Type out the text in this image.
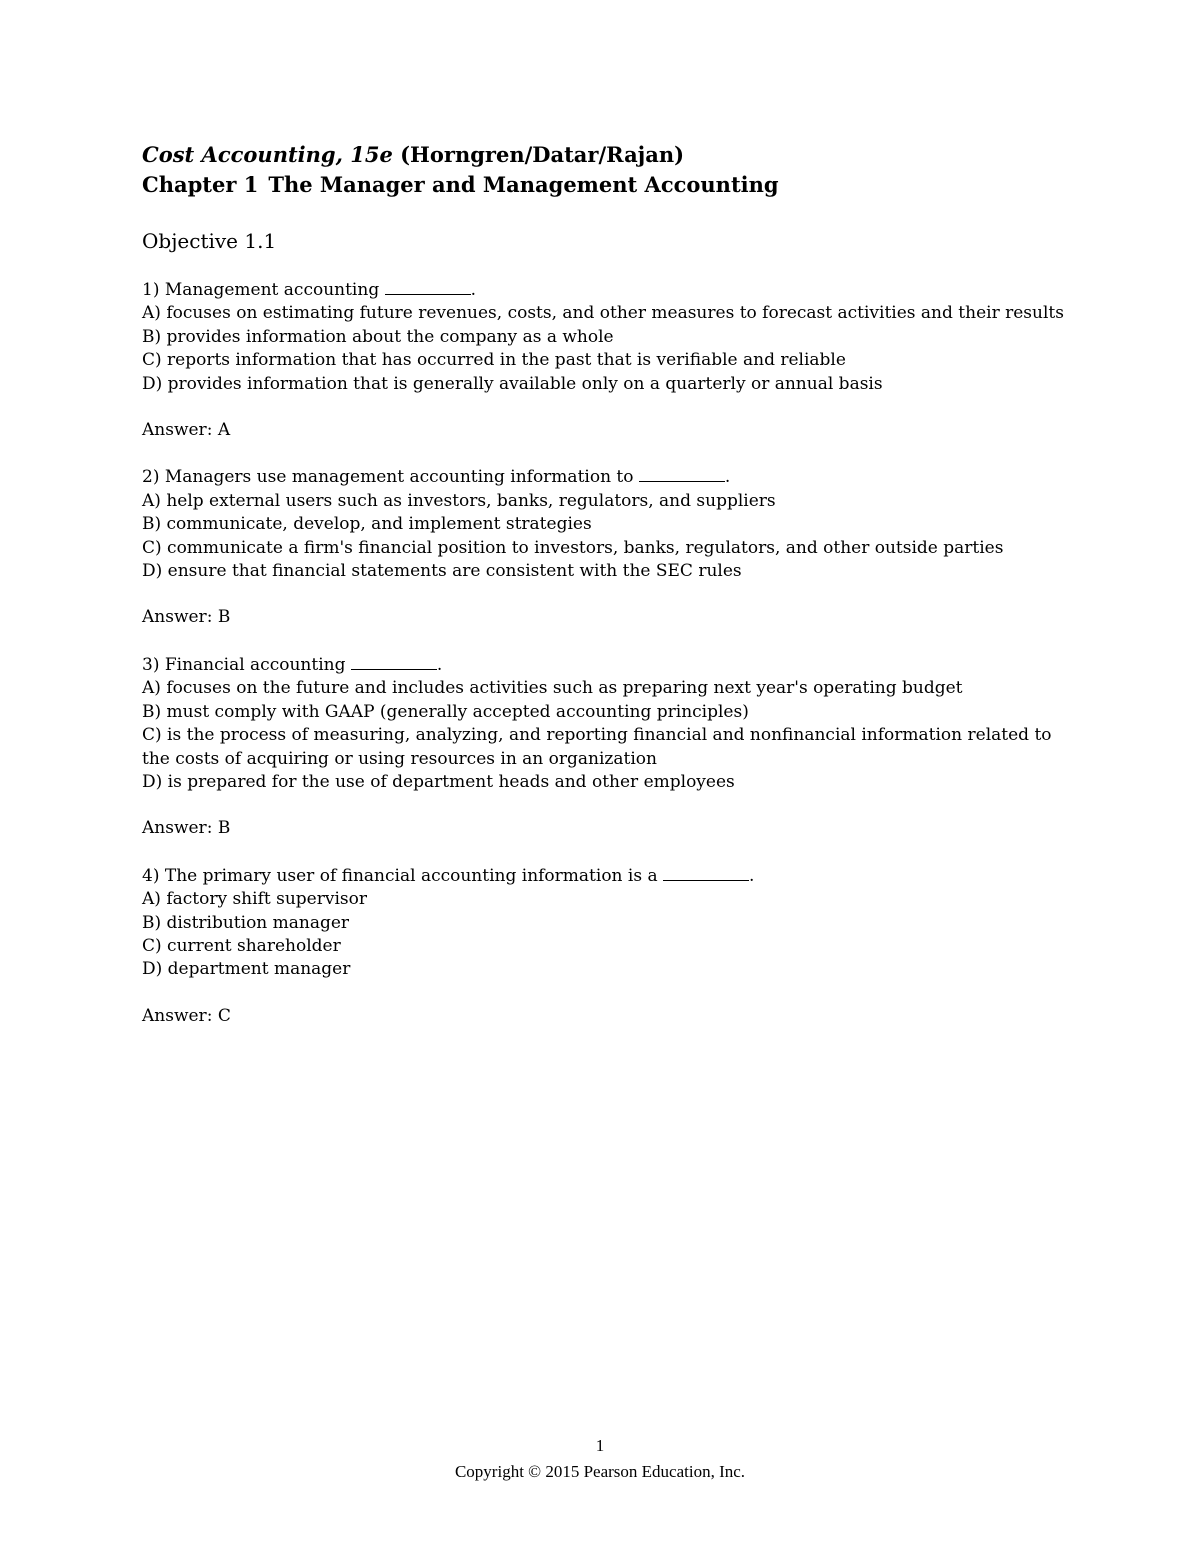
Cost Accounting, 15e (Horngren/Datar/Rajan)
Chapter 1 The Manager and Management Accounting
Objective 1.1

1) Management accounting	.

A) focuses on estimating future revenues, costs, and other measures to forecast activities and their results

B) provides information about the company as a whole

C) reports information that has occurred in the past that is verifiable and reliable

D) provides information that is generally available only on a quarterly or annual basis

Answer: A

2) Managers use management accounting information to	.

A) help external users such as investors, banks, regulators, and suppliers

B) communicate, develop, and implement strategies

C) communicate a firm's financial position to investors, banks, regulators, and other outside parties

D) ensure that financial statements are consistent with the SEC rules

Answer: B

3) Financial accounting	.

A) focuses on the future and includes activities such as preparing next year's operating budget

B) must comply with GAAP (generally accepted accounting principles)

C) is the process of measuring, analyzing, and reporting financial and nonfinancial information related to the costs of acquiring or using resources in an organization

D) is prepared for the use of department heads and other employees

Answer: B

4) The primary user of financial accounting information is a	.

A) factory shift supervisor

B) distribution manager

C) current shareholder

D) department manager

Answer: C

1
Copyright © 2015 Pearson Education, Inc.
